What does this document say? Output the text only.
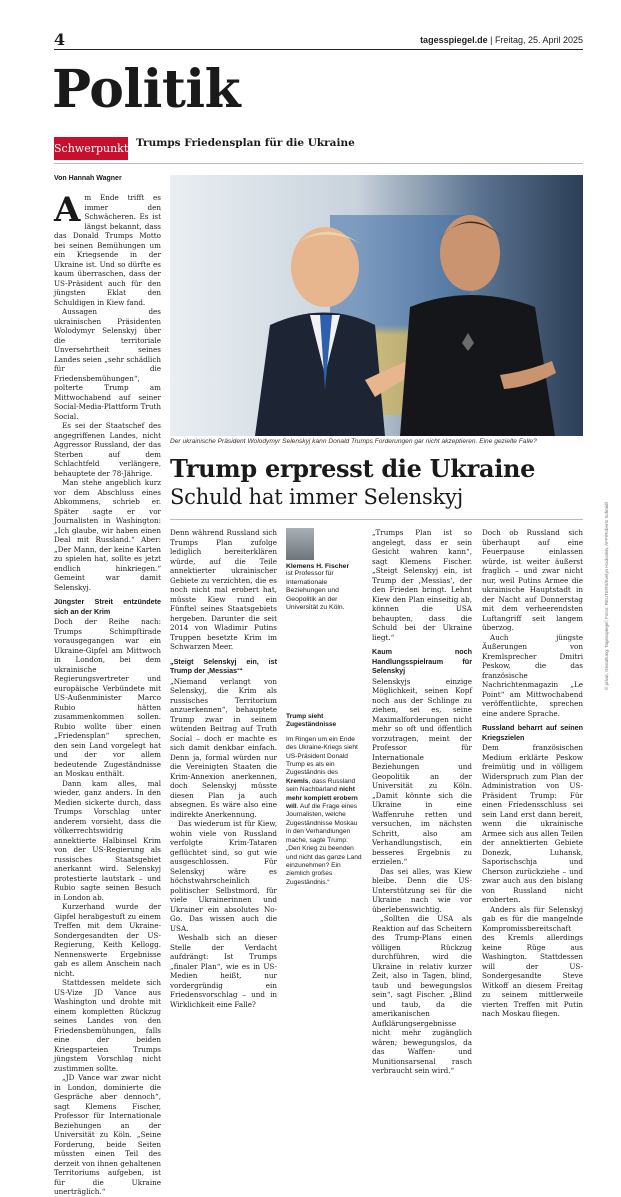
4	tagesspiegel.de | Freitag, 25. April 2025
Politik
Schwerpunkt Trumps Friedensplan für die Ukraine
Von Hannah Wagner

Am Ende trifft es immer den Schwächeren. Es ist längst bekannt, dass das Donald Trumps Motto bei seinen Bemühungen um ein Kriegsende in der Ukraine ist. Und so dürfte es kaum überraschen, dass der US-Präsident auch für den jüngsten Eklat den Schuldigen in Kiew fand.

Aussagen des ukrainischen Präsidenten Wolodymyr Selenskyj über die territoriale Unversehrtheit seines Landes seien „sehr schädlich für die Friedensbemühungen“, polterte Trump am Mittwochabend auf seiner Social-Media-Plattform Truth Social.

Es sei der Staatschef des angegriffenen Landes, nicht Aggressor Russland, der das Sterben auf dem Schlachtfeld verlängere, behauptete der 78-Jährige.

Man stehe angeblich kurz vor dem Abschluss eines Abkommens, schrieb er. Später sagte er vor Journalisten in Washington: „Ich glaube, wir haben einen Deal mit Russland.“ Aber: „Der Mann, der keine Karten zu spielen hat, sollte es jetzt endlich hinkriegen.“ Gemeint war damit Selenskyj.

Jüngster Streit entzündete sich an der Krim

Doch der Reihe nach: Trumps Schimpftirade vorausgegangen war ein Ukraine-Gipfel am Mittwoch in London, bei dem ukrainische Regierungsvertreter und europäische Verbündete mit US-Außenminister Marco Rubio hätten zusammenkommen sollen. Rubio wollte über einen „Friedensplan“ sprechen, den sein Land vorgelegt hat und der vor allem bedeutende Zugeständnisse an Moskau enthält.

Dann kam alles, mal wieder, ganz anders. In den Medien sickerte durch, dass Trumps Vorschlag unter anderem vorsieht, dass die völkerrechtswidrig annektierte Halbinsel Krim von der US-Regierung als russisches Staatsgebiet anerkannt wird. Selenskyj protestierte lautstark – und Rubio sagte seinen Besuch in London ab.

Kurzerhand wurde der Gipfel herabgestuft zu einem Treffen mit dem Ukraine-Sondergesandten der US-Regierung, Keith Kellogg. Nennenswerte Ergebnisse gab es allem Anschein nach nicht.

Stattdessen meldete sich US-Vize JD Vance aus Washington und drohte mit einem kompletten Rückzug seines Landes von den Friedensbemühungen, falls eine der beiden Kriegsparteien Trumps jüngstem Vorschlag nicht zustimmen sollte.

„JD Vance war zwar nicht in London, dominierte die Gespräche aber dennoch“, sagt Klemens Fischer, Professor für Internationale Beziehungen an der Universität zu Köln. „Seine Forderung, beide Seiten müssten einen Teil des derzeit von ihnen gehaltenen Territoriums aufgeben, ist für die Ukraine unerträglich.“

Der ukrainische Präsident Wolodymyr Selenskyj kann Donald Trumps Forderungen gar nicht akzeptieren. Eine gezielte Falle?
Trump erpresst die Ukraine
Schuld hat immer Selenskyj

Denn während Russland sich Trumps Plan zufolge lediglich bereiterklären würde, auf die Teile annektierter ukrainischer Gebiete zu verzichten, die es noch nicht mal erobert hat, müsste Kiew rund ein Fünftel seines Staatsgebiets hergeben. Darunter die seit 2014 von Wladimir Putins Truppen besetzte Krim im Schwarzen Meer.

„Steigt Selenskyj ein, ist Trump der ‚Messias‘“

„Niemand verlangt von Selenskyj, die Krim als russisches Territorium anzuerkennen“, behauptete Trump zwar in seinem wütenden Beitrag auf Truth Social – doch er machte es sich damit denkbar einfach. Denn ja, formal würden nur die Vereinigten Staaten die Krim-Annexion anerkennen, doch Selenskyj müsste diesen Plan ja auch absegnen. Es wäre also eine indirekte Anerkennung.

Das wiederum ist für Kiew, wohin viele von Russland verfolgte Krim-Tataren geflüchtet sind, so gut wie ausgeschlossen. Für Selenskyj wäre es höchstwahrscheinlich politischer Selbstmord, für viele Ukrainerinnen und Ukrainer ein absolutes No-Go. Das wissen auch die USA.

Weshalb sich an dieser Stelle der Verdacht aufdrängt: Ist Trumps „finaler Plan“, wie es in US-Medien heißt, nur vordergründig ein Friedensvorschlag – und in Wirklichkeit eine Falle?

Klemens H. Fischer
ist Professor für Internationale Beziehungen und Geopolitik an der Universität zu Köln.
Trump sieht Zugeständnisse
Im Ringen um ein Ende des Ukraine-Kriegs sieht US-Präsident Donald Trump es als ein Zugeständnis des Kremls, dass Russland sein Nachbarland nicht mehr komplett erobern will. Auf die Frage eines Journalisten, welche Zugeständnisse Moskau in den Verhandlungen mache, sagte Trump: „Den Krieg zu beenden und nicht das ganze Land einzunehmen? Ein ziemlich großes Zugeständnis.“

„Trumps Plan ist so angelegt, dass er sein Gesicht wahren kann“, sagt Klemens Fischer. „Steigt Selenskyj ein, ist Trump der ‚Messias‘, der den Frieden bringt. Lehnt Kiew den Plan einseitig ab, können die USA behaupten, dass die Schuld bei der Ukraine liegt.“

Kaum noch Handlungsspielraum für Selenskyj

Selenskyjs einzige Möglichkeit, seinen Kopf noch aus der Schlinge zu ziehen, sei es, seine Maximalforderungen nicht mehr so oft und öffentlich vorzutragen, meint der Professor für Internationale Beziehungen und Geopolitik an der Universität zu Köln. „Damit könnte sich die Ukraine in eine Waffenruhe retten und versuchen, im nächsten Schritt, also am Verhandlungstisch, ein besseres Ergebnis zu erzielen.“

Das sei alles, was Kiew bleibe. Denn die US-Unterstützung sei für die Ukraine nach wie vor überlebenswichtig.

„Sollten die USA als Reaktion auf das Scheitern des Trump-Plans einen völligen Rückzug durchführen, wird die Ukraine in relativ kurzer Zeit, also in Tagen, blind, taub und bewegungslos sein“, sagt Fischer. „Blind und taub, da die amerikanischen Aufklärungsergebnisse nicht mehr zugänglich wären; bewegungslos, da das Waffen- und Munitionsarsenal rasch verbraucht sein wird.“

Doch ob Russland sich überhaupt auf eine Feuerpause einlassen würde, ist weiter äußerst fraglich – und zwar nicht nur, weil Putins Armee die ukrainische Hauptstadt in der Nacht auf Donnerstag mit dem verheerendsten Luftangriff seit langem überzog.

Auch jüngste Äußerungen von Kremlsprecher Dmitri Peskow, die das französische Nachrichtenmagazin „Le Point“ am Mittwochabend veröffentlichte, sprechen eine andere Sprache.

Russland beharrt auf seinen Kriegszielen

Dem französischen Medium erklärte Peskow freimütig und in völligem Widerspruch zum Plan der Administration von US-Präsident Trump: Für einen Friedensschluss sei sein Land erst dann bereit, wenn die ukrainische Armee sich aus allen Teilen der annektierten Gebiete Donezk, Luhansk, Saporischschja und Cherson zurückziehe – und zwar auch aus den bislang von Russland nicht eroberten.

Anders als für Selenskyj gab es für die mangelnde Kompromissbereitschaft des Kremls allerdings keine Rüge aus Washington. Stattdessen will der US-Sondergesandte Steve Witkoff an diesem Freitag zu seinem mittlerweile vierten Treffen mit Putin nach Moskau fliegen.

© privat, Gestaltung: Tagesspiegel; Fotos: REUTERS/Evelyn Hockstein, AFP/Roberto Schmidt
